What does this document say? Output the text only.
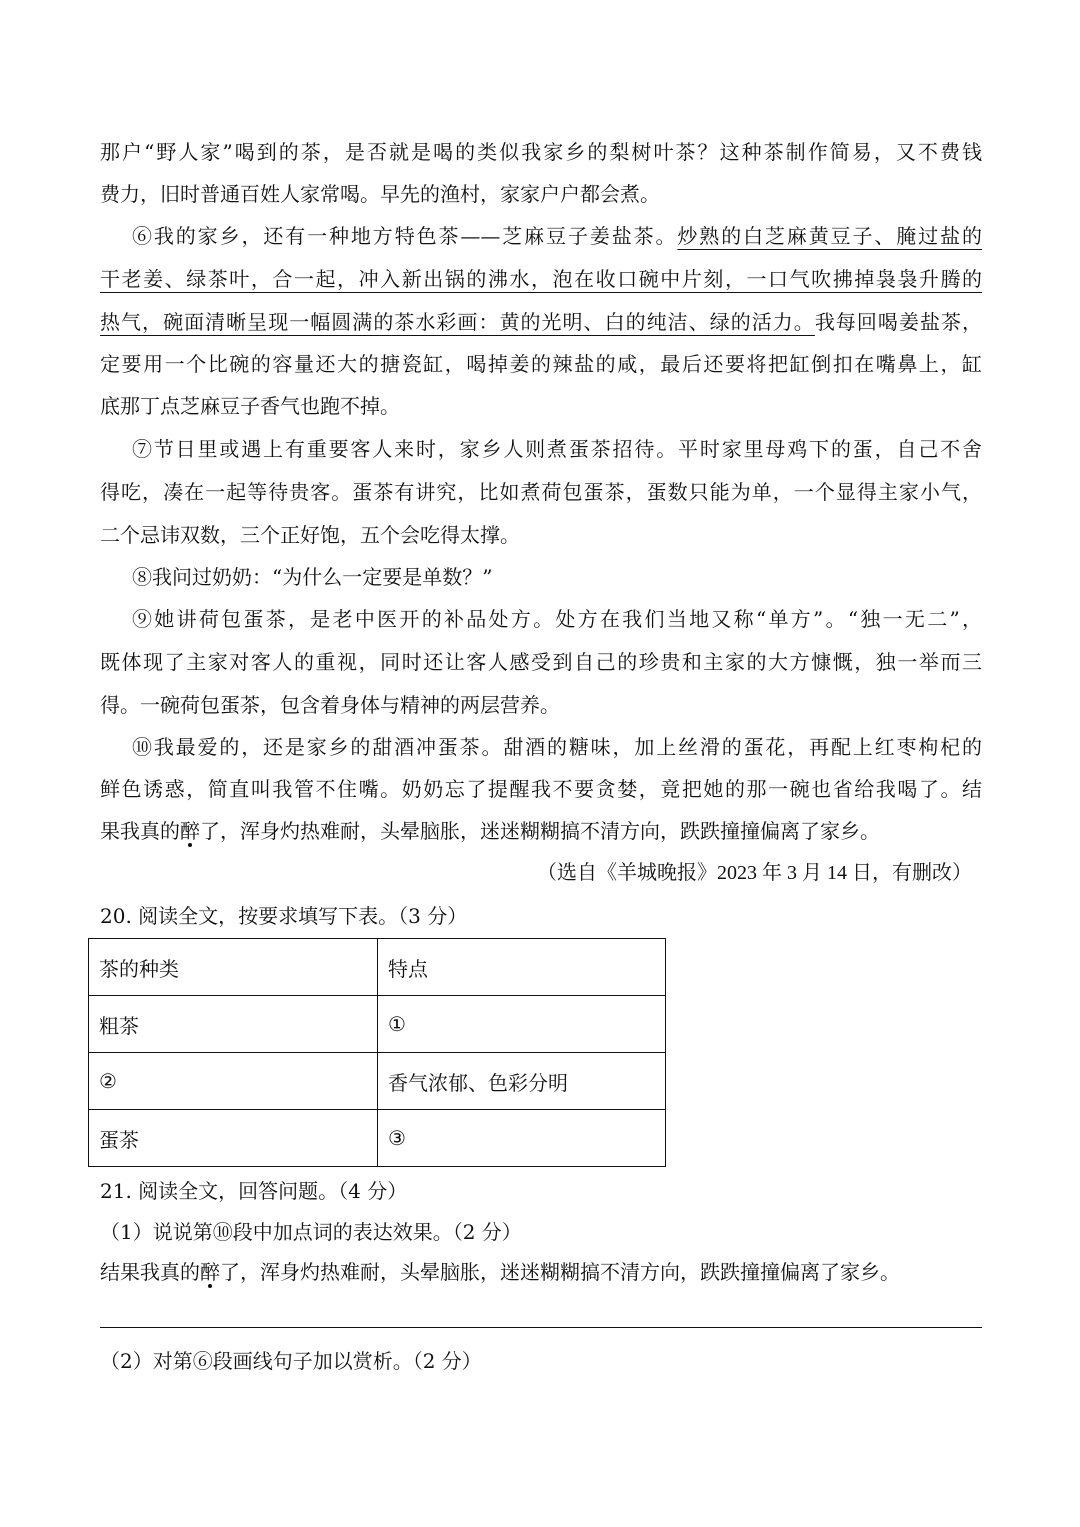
那户“野人家”喝到的茶，是否就是喝的类似我家乡的梨树叶茶？这种茶制作简易，又不费钱
费力，旧时普通百姓人家常喝。早先的渔村，家家户户都会煮。
⑥我的家乡，还有一种地方特色茶——芝麻豆子姜盐茶。炒熟的白芝麻黄豆子、腌过盐的
干老姜、绿茶叶，合一起，冲入新出锅的沸水，泡在收口碗中片刻，一口气吹拂掉袅袅升腾的
热气，碗面清晰呈现一幅圆满的茶水彩画：黄的光明、白的纯洁、绿的活力。我每回喝姜盐茶，
定要用一个比碗的容量还大的搪瓷缸，喝掉姜的辣盐的咸，最后还要将把缸倒扣在嘴鼻上，缸
底那丁点芝麻豆子香气也跑不掉。
⑦节日里或遇上有重要客人来时，家乡人则煮蛋茶招待。平时家里母鸡下的蛋，自己不舍
得吃，凑在一起等待贵客。蛋茶有讲究，比如煮荷包蛋茶，蛋数只能为单，一个显得主家小气，
二个忌讳双数，三个正好饱，五个会吃得太撑。
⑧我问过奶奶：“为什么一定要是单数？”
⑨她讲荷包蛋茶，是老中医开的补品处方。处方在我们当地又称“单方”。“独一无二”，
既体现了主家对客人的重视，同时还让客人感受到自己的珍贵和主家的大方慷慨，独一举而三
得。一碗荷包蛋茶，包含着身体与精神的两层营养。
⑩我最爱的，还是家乡的甜酒冲蛋茶。甜酒的糖味，加上丝滑的蛋花，再配上红枣枸杞的
鲜色诱惑，简直叫我管不住嘴。奶奶忘了提醒我不要贪婪，竟把她的那一碗也省给我喝了。结
果我真的醉了，浑身灼热难耐，头晕脑胀，迷迷糊糊搞不清方向，跌跌撞撞偏离了家乡。
（选自《羊城晚报》2023 年 3 月 14 日，有删改）
20. 阅读全文，按要求填写下表。（3 分）
茶的种类	特点
粗茶	①
②	香气浓郁、色彩分明
蛋茶	③
21. 阅读全文，回答问题。（4 分）
（1）说说第⑩段中加点词的表达效果。（2 分）
结果我真的醉了，浑身灼热难耐，头晕脑胀，迷迷糊糊搞不清方向，跌跌撞撞偏离了家乡。
（2）对第⑥段画线句子加以赏析。（2 分）
